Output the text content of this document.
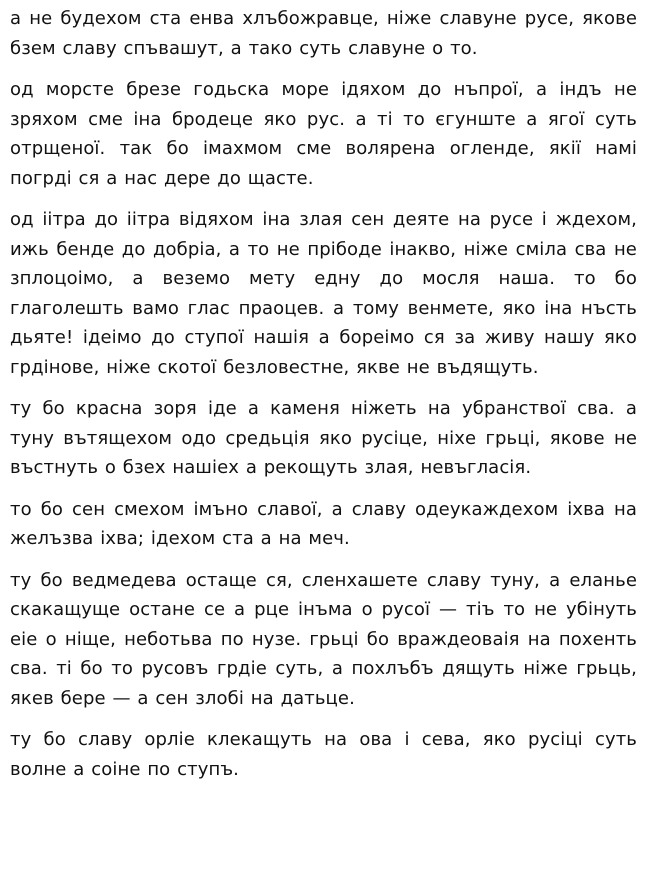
а не будехом ста енва хлъбожравце, ніже славуне русе, якове бзем славу спъвашут, а тако суть славуне о то.

од морсте брезе годьска море ідяхом до нъпрої, а індъ не зряхом сме іна бродеце яко рус. а ті то єгунште а ягої суть отрщеної. так бо імахмом сме волярена огленде, якії намі погрді ся а нас дере до щасте.

од іітра до іітра відяхом іна злая сен деяте на русе і ждехом, ижь бенде до добріа, а то не прібоде інакво, ніже сміла сва не зплоцоімо, а веземо мету едну до мосля наша. то бо глаголешть вамо глас праоцев. а тому венмете, яко іна нъсть дьяте! ідеімо до ступої нашія а бореімо ся за живу нашу яко грдінове, ніже скотої безловестне, якве не въдящуть.

ту бо красна зоря іде а каменя ніжеть на убранствої сва. а туну вътящехом одо средьція яко русіце, ніхе грьці, якове не въстнуть о бзех нашіех а рекощуть злая, невъгласія.

то бо сен смехом імъно славої, а славу одеукаждехом іхва на желъзва іхва; ідехом ста а на меч.

ту бо ведмедева остаще ся, сленхашете славу туну, а еланье скакащуще остане се а рце інъма о русої — тіъ то не убінуть еіе о ніще, неботьва по нузе. грьці бо враждеоваія на похенть сва. ті бо то русовъ грдіе суть, а похлъбъ дящуть ніже грьць, якев бере — а сен злобі на датьце.

ту бо славу орліе клекащуть на ова і сева, яко русіці суть волне а соіне по ступъ.
